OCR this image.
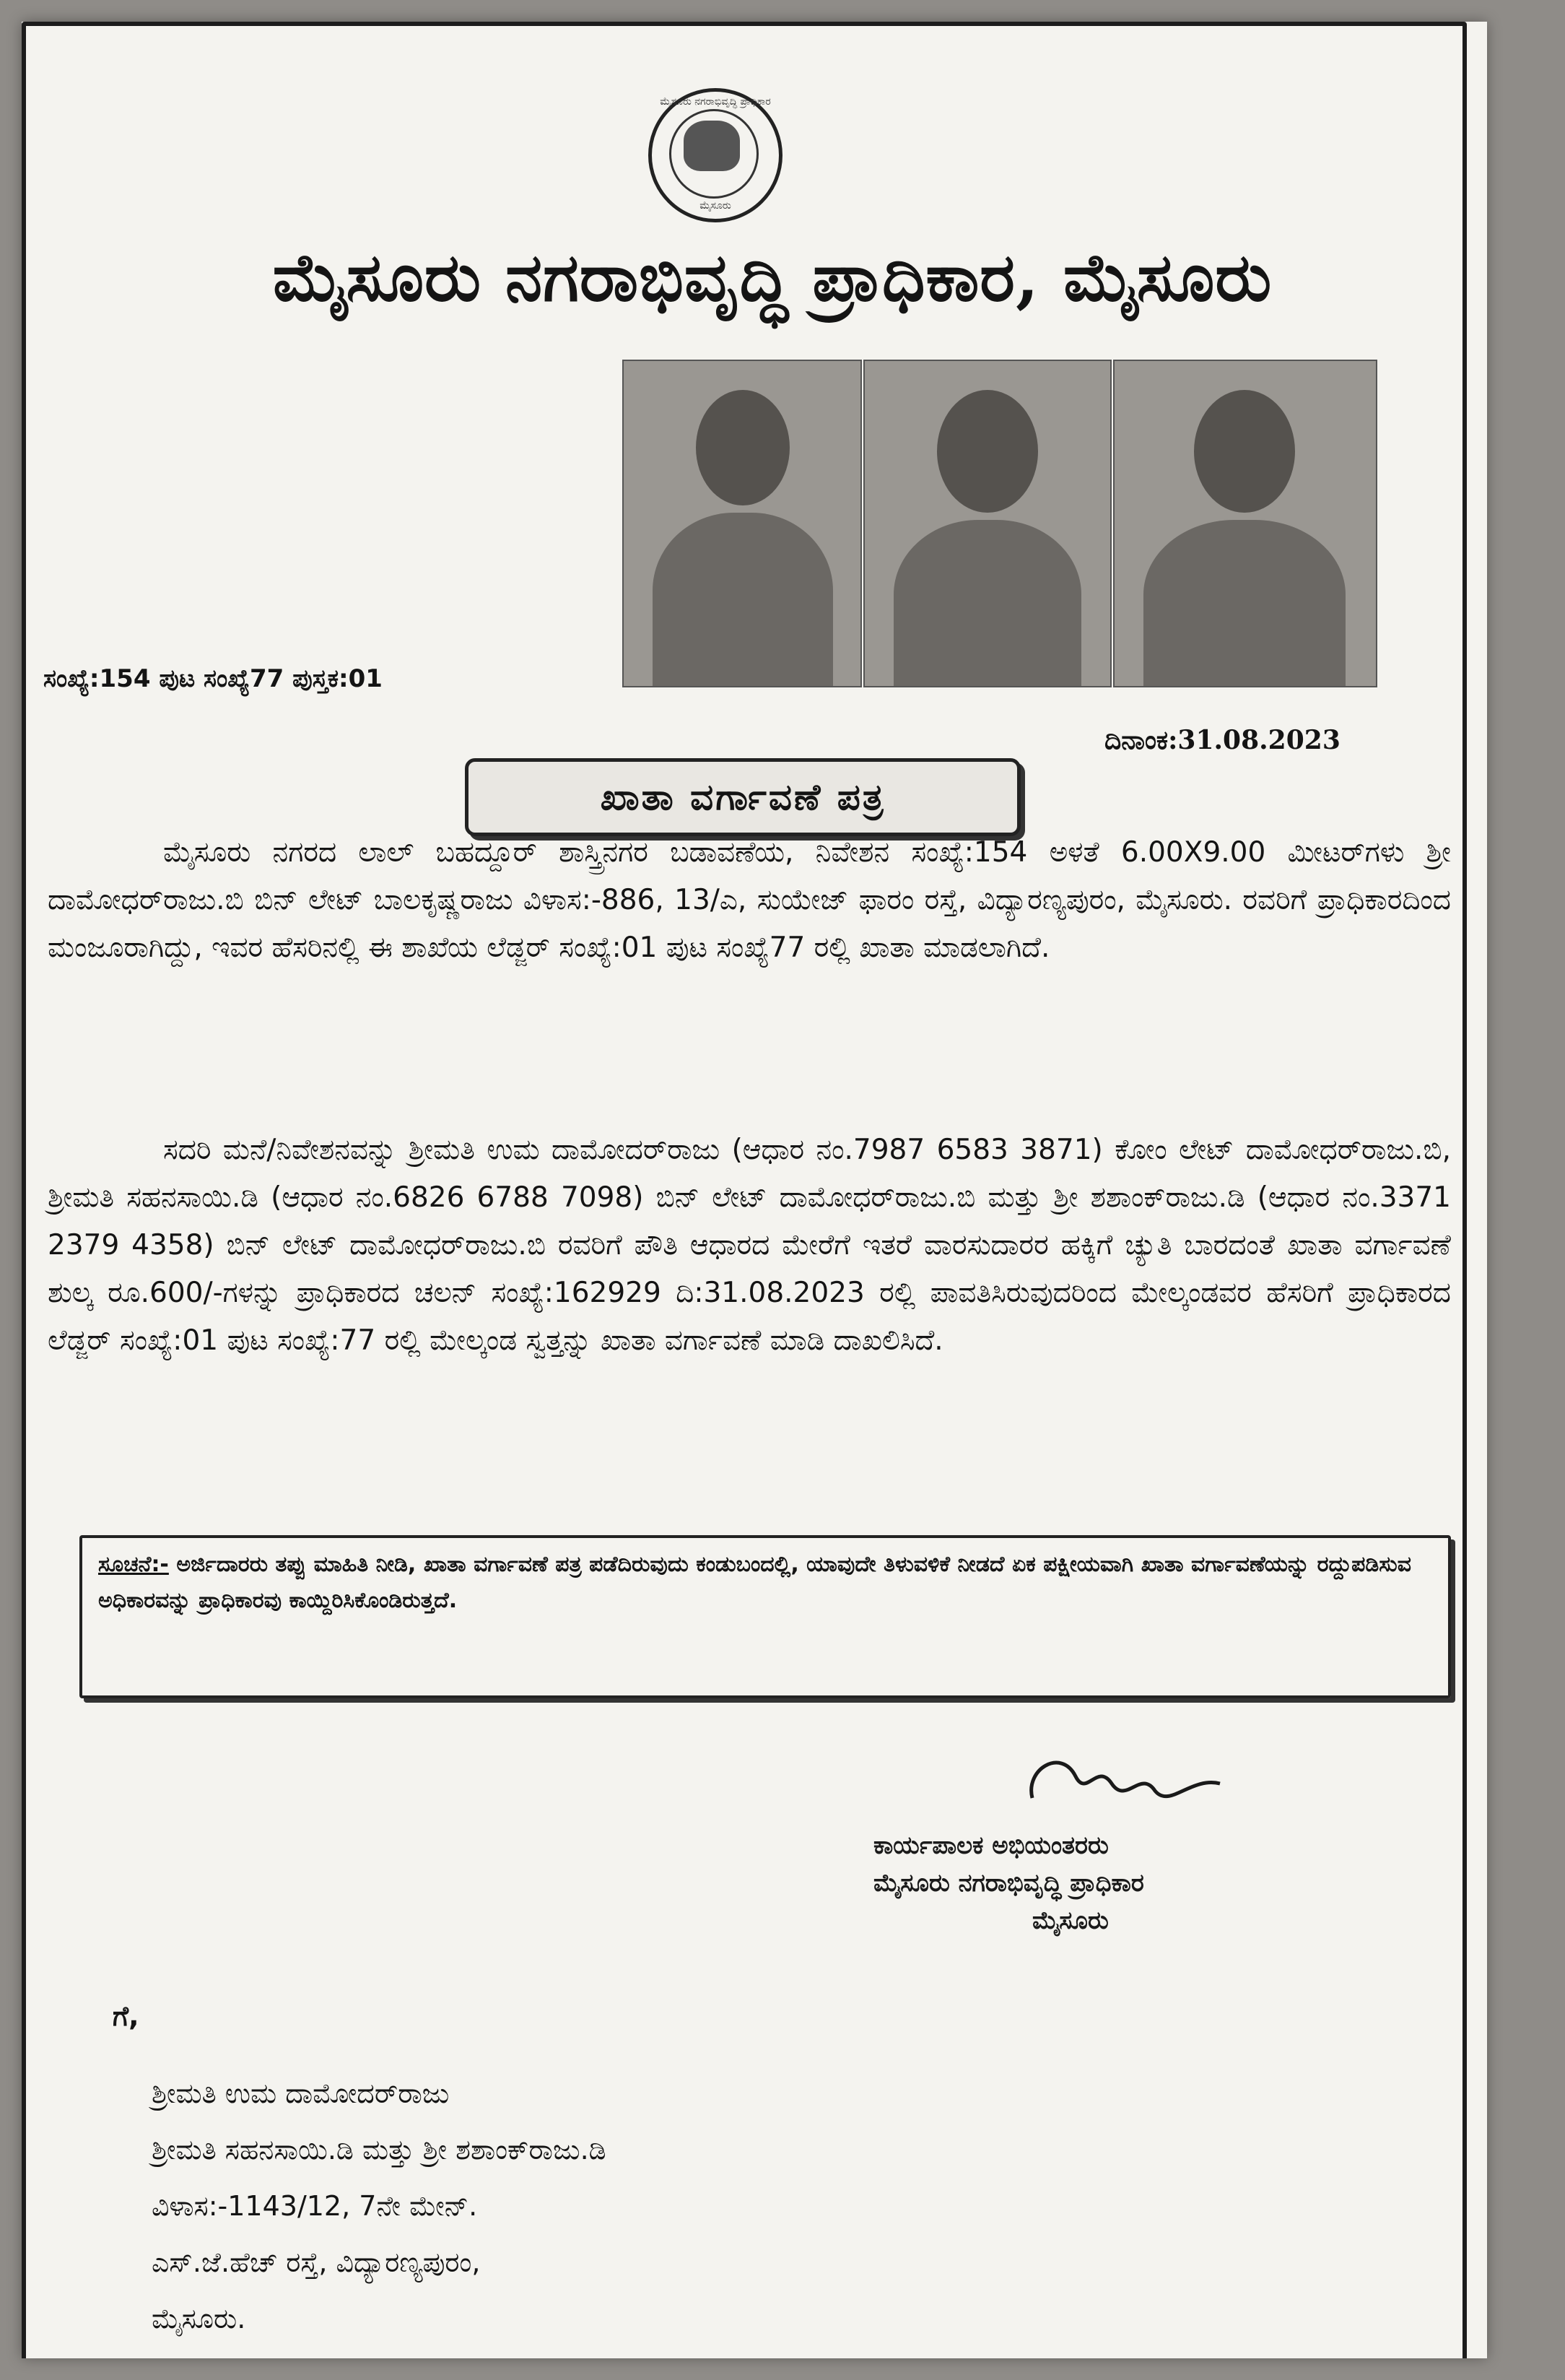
ಮೈಸೂರು ನಗರಾಭಿವೃದ್ಧಿ ಪ್ರಾಧಿಕಾರ
ಮೈಸೂರು
ಮೈಸೂರು ನಗರಾಭಿವೃದ್ಧಿ ಪ್ರಾಧಿಕಾರ, ಮೈಸೂರು
ಸಂಖ್ಯೆ:154 ಪುಟ ಸಂಖ್ಯೆ77 ಪುಸ್ತಕ:01
ದಿನಾಂಕ:31.08.2023
ಖಾತಾ ವರ್ಗಾವಣೆ ಪತ್ರ
ಮೈಸೂರು ನಗರದ ಲಾಲ್ ಬಹದ್ದೂರ್ ಶಾಸ್ತ್ರಿನಗರ ಬಡಾವಣೆಯ, ನಿವೇಶನ ಸಂಖ್ಯೆ:154 ಅಳತೆ 6.00X9.00 ಮೀಟರ್‌ಗಳು ಶ್ರೀ ದಾಮೋಧರ್‌ರಾಜು.ಬಿ ಬಿನ್ ಲೇಟ್ ಬಾಲಕೃಷ್ಣರಾಜು ವಿಳಾಸ:-886, 13/ಎ, ಸುಯೇಜ್ ಫಾರಂ ರಸ್ತೆ, ವಿದ್ಯಾರಣ್ಯಪುರಂ, ಮೈಸೂರು. ರವರಿಗೆ ಪ್ರಾಧಿಕಾರದಿಂದ ಮಂಜೂರಾಗಿದ್ದು, ಇವರ ಹೆಸರಿನಲ್ಲಿ ಈ ಶಾಖೆಯ ಲೆಡ್ಜರ್ ಸಂಖ್ಯೆ:01 ಪುಟ ಸಂಖ್ಯೆ77 ರಲ್ಲಿ ಖಾತಾ ಮಾಡಲಾಗಿದೆ.
ಸದರಿ ಮನೆ/ನಿವೇಶನವನ್ನು ಶ್ರೀಮತಿ ಉಮ ದಾಮೋದರ್‌ರಾಜು (ಆಧಾರ ನಂ.7987 6583 3871) ಕೋಂ ಲೇಟ್ ದಾಮೋಧರ್‌ರಾಜು.ಬಿ, ಶ್ರೀಮತಿ ಸಹನಸಾಯಿ.ಡಿ (ಆಧಾರ ನಂ.6826 6788 7098) ಬಿನ್ ಲೇಟ್ ದಾಮೋಧರ್‌ರಾಜು.ಬಿ ಮತ್ತು ಶ್ರೀ ಶಶಾಂಕ್‌ರಾಜು.ಡಿ (ಆಧಾರ ನಂ.3371 2379 4358) ಬಿನ್ ಲೇಟ್ ದಾಮೋಧರ್‌ರಾಜು.ಬಿ ರವರಿಗೆ ಪೌತಿ ಆಧಾರದ ಮೇರೆಗೆ ಇತರೆ ವಾರಸುದಾರರ ಹಕ್ಕಿಗೆ ಚ್ಯುತಿ ಬಾರದಂತೆ ಖಾತಾ ವರ್ಗಾವಣೆ ಶುಲ್ಕ ರೂ.600/-ಗಳನ್ನು ಪ್ರಾಧಿಕಾರದ ಚಲನ್ ಸಂಖ್ಯೆ:162929 ದಿ:31.08.2023 ರಲ್ಲಿ ಪಾವತಿಸಿರುವುದರಿಂದ ಮೇಲ್ಕಂಡವರ ಹೆಸರಿಗೆ ಪ್ರಾಧಿಕಾರದ ಲೆಡ್ಜರ್ ಸಂಖ್ಯೆ:01 ಪುಟ ಸಂಖ್ಯೆ:77 ರಲ್ಲಿ ಮೇಲ್ಕಂಡ ಸ್ವತ್ತನ್ನು ಖಾತಾ ವರ್ಗಾವಣೆ ಮಾಡಿ ದಾಖಲಿಸಿದೆ.
ಸೂಚನೆ:- ಅರ್ಜಿದಾರರು ತಪ್ಪು ಮಾಹಿತಿ ನೀಡಿ, ಖಾತಾ ವರ್ಗಾವಣೆ ಪತ್ರ ಪಡೆದಿರುವುದು ಕಂಡುಬಂದಲ್ಲಿ, ಯಾವುದೇ ತಿಳುವಳಿಕೆ ನೀಡದೆ ಏಕ ಪಕ್ಷೀಯವಾಗಿ ಖಾತಾ ವರ್ಗಾವಣೆಯನ್ನು ರದ್ದುಪಡಿಸುವ ಅಧಿಕಾರವನ್ನು ಪ್ರಾಧಿಕಾರವು ಕಾಯ್ದಿರಿಸಿಕೊಂಡಿರುತ್ತದೆ.
ಕಾರ್ಯಪಾಲಕ ಅಭಿಯಂತರರು
ಮೈಸೂರು ನಗರಾಭಿವೃದ್ಧಿ ಪ್ರಾಧಿಕಾರ
ಮೈಸೂರು
ಗೆ,
ಶ್ರೀಮತಿ ಉಮ ದಾಮೋದರ್‌ರಾಜು
ಶ್ರೀಮತಿ ಸಹನಸಾಯಿ.ಡಿ ಮತ್ತು ಶ್ರೀ ಶಶಾಂಕ್‌ರಾಜು.ಡಿ
ವಿಳಾಸ:-1143/12, 7ನೇ ಮೇನ್.
ಎಸ್.ಜೆ.ಹೆಚ್ ರಸ್ತೆ, ವಿದ್ಯಾರಣ್ಯಪುರಂ,
ಮೈಸೂರು.
